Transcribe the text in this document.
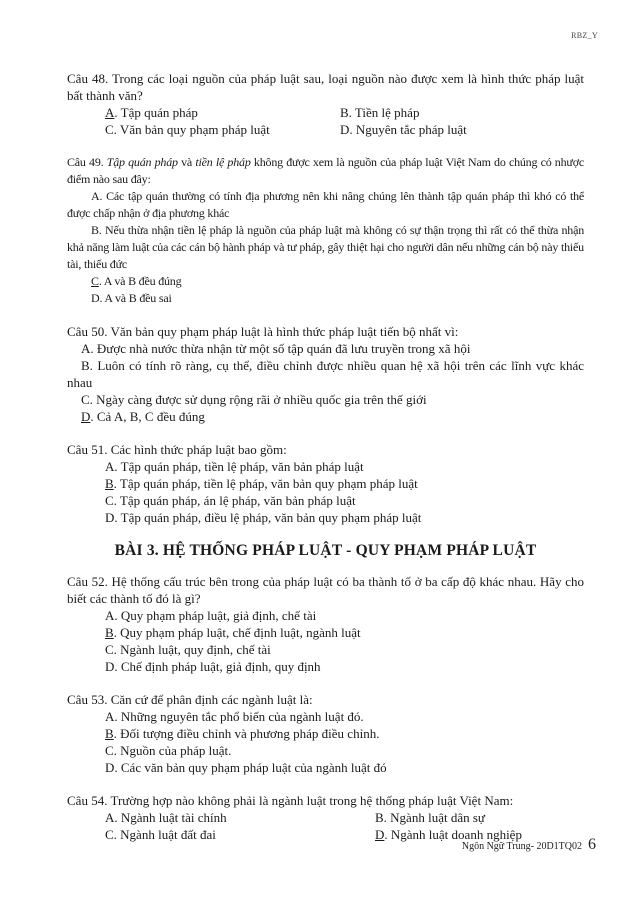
RBZ_Y
Câu 48. Trong các loại nguồn của pháp luật sau, loại nguồn nào được xem là hình thức pháp luật bất thành văn?
A. Tập quán pháp	B. Tiền lệ pháp
C. Văn bản quy phạm pháp luật	D. Nguyên tắc pháp luật
Câu 49. Tập quán pháp và tiền lệ pháp không được xem là nguồn của pháp luật Việt Nam do chúng có nhược điểm nào sau đây:
A. Các tập quán thường có tính địa phương nên khi nâng chúng lên thành tập quán pháp thì khó có thể được chấp nhận ở địa phương khác
B. Nếu thừa nhận tiền lệ pháp là nguồn của pháp luật mà không có sự thận trọng thì rất có thể thừa nhận khả năng làm luật của các cán bộ hành pháp và tư pháp, gây thiệt hại cho người dân nếu những cán bộ này thiếu tài, thiếu đức
C. A và B đều đúng
D. A và B đều sai
Câu 50. Văn bản quy phạm pháp luật là hình thức pháp luật tiến bộ nhất vì:
A. Được nhà nước thừa nhận từ một số tập quán đã lưu truyền trong xã hội
B. Luôn có tính rõ ràng, cụ thể, điều chỉnh được nhiều quan hệ xã hội trên các lĩnh vực khác nhau
C. Ngày càng được sử dụng rộng rãi ở nhiều quốc gia trên thế giới
D. Cả A, B, C đều đúng
Câu 51. Các hình thức pháp luật bao gồm:
A. Tập quán pháp, tiền lệ pháp, văn bản pháp luật
B. Tập quán pháp, tiền lệ pháp, văn bản quy phạm pháp luật
C. Tập quán pháp, án lệ pháp, văn bản pháp luật
D. Tập quán pháp, điều lệ pháp, văn bản quy phạm pháp luật
BÀI 3. HỆ THỐNG PHÁP LUẬT - QUY PHẠM PHÁP LUẬT
Câu 52. Hệ thống cấu trúc bên trong của pháp luật có ba thành tố ở ba cấp độ khác nhau. Hãy cho biết các thành tố đó là gì?
A. Quy phạm pháp luật, giả định, chế tài
B. Quy phạm pháp luật, chế định luật, ngành luật
C. Ngành luật, quy định, chế tài
D. Chế định pháp luật, giả định, quy định
Câu 53. Căn cứ để phân định các ngành luật là:
A. Những nguyên tắc phổ biến của ngành luật đó.
B. Đối tượng điều chỉnh và phương pháp điều chỉnh.
C. Nguồn của pháp luật.
D. Các văn bản quy phạm pháp luật của ngành luật đó
Câu 54. Trường hợp nào không phải là ngành luật trong hệ thống pháp luật Việt Nam:
A. Ngành luật tài chính	B. Ngành luật dân sự
C. Ngành luật đất đai	D. Ngành luật doanh nghiệp
Ngôn Ngữ Trung- 20D1TQ02 6
